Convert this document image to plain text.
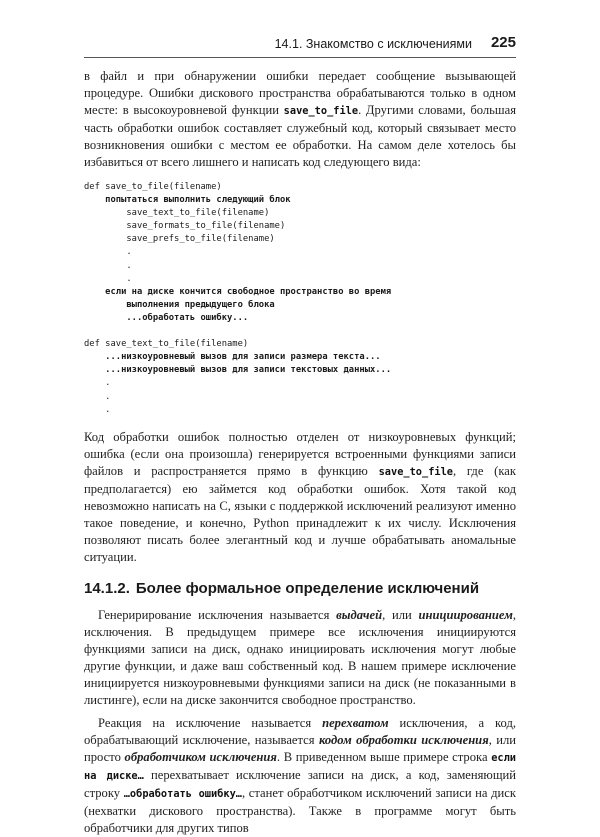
14.1. Знакомство с исключениями 225

в файл и при обнаружении ошибки передает сообщение вызывающей процедуре. Ошибки дискового пространства обрабатываются только в одном месте: в высокоуровневой функции save_to_file. Другими словами, большая часть обработки ошибок составляет служебный код, который связывает место возникновения ошибки с местом ее обработки. На самом деле хотелось бы избавиться от всего лишнего и написать код следующего вида:

def save_to_file(filename)
попытаться выполнить следующий блок
save_text_to_file(filename)
save_formats_to_file(filename)
save_prefs_to_file(filename)
.
.
.
если на диске кончится свободное пространство во время
выполнения предыдущего блока
...обработать ошибку...

def save_text_to_file(filename)
...низкоуровневый вызов для записи размера текста...
...низкоуровневый вызов для записи текстовых данных...
.
.
.

Код обработки ошибок полностью отделен от низкоуровневых функций; ошибка (если она произошла) генерируется встроенными функциями записи файлов и распространяется прямо в функцию save_to_file, где (как предполагается) ею займется код обработки ошибок. Хотя такой код невозможно написать на C, языки с поддержкой исключений реализуют именно такое поведение, и конечно, Python принадлежит к их числу. Исключения позволяют писать более элегантный код и лучше обрабатывать аномальные ситуации.

14.1.2. Более формальное определение исключений

Генеририрование исключения называется выдачей, или инициированием, исключения. В предыдущем примере все исключения инициируются функциями записи на диск, однако инициировать исключения могут любые другие функции, и даже ваш собственный код. В нашем примере исключение инициируется низкоуровневыми функциями записи на диск (не показанными в листинге), если на диске закончится свободное пространство.

Реакция на исключение называется перехватом исключения, а код, обрабатывающий исключение, называется кодом обработки исключения, или просто обработчиком исключения. В приведенном выше примере строка если на диске… перехватывает исключение записи на диск, а код, заменяющий строку …обработать ошибку…, станет обработчиком исключений записи на диск (нехватки дискового пространства). Также в программе могут быть обработчики для других типов
